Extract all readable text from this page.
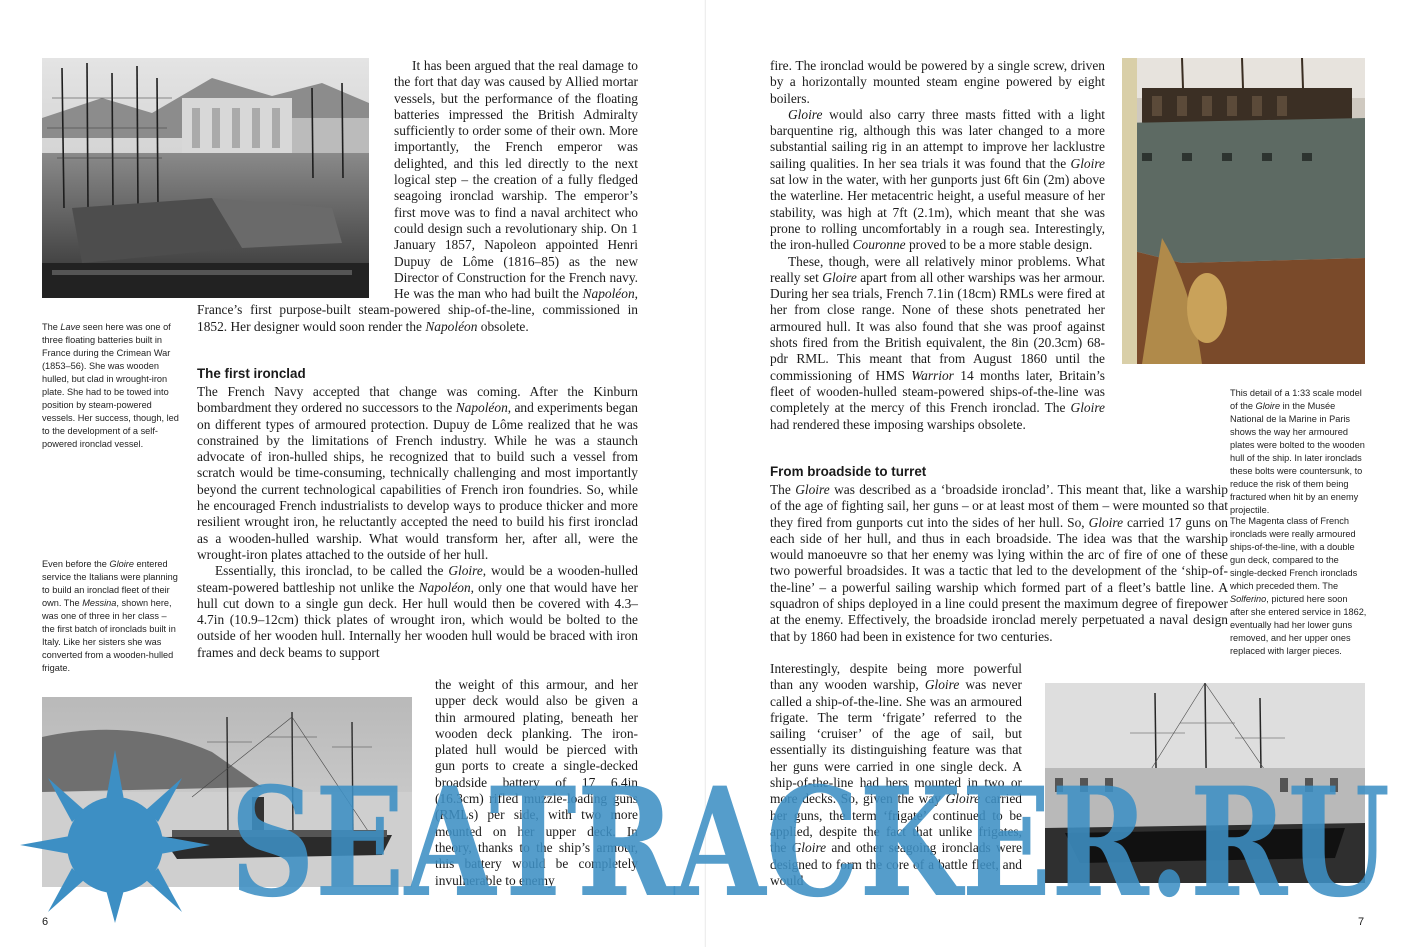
It has been argued that the real damage to the fort that day was caused by Allied mortar vessels, but the performance of the floating batteries impressed the British Admiralty sufficiently to order some of their own. More importantly, the French emperor was delighted, and this led directly to the next logical step – the creation of a fully fledged seagoing ironclad warship. The emperor’s first move was to find a naval architect who could design such a revolutionary ship. On 1 January 1857, Napoleon appointed Henri Dupuy de Lôme (1816–85) as the new Director of Construction for the French navy. He was the man who had built the Napoléon, France’s first purpose-built steam-powered ship-of-the-line, commissioned in 1852. Her designer would soon render the Napoléon obsolete.

The first ironclad

The French Navy accepted that change was coming. After the Kinburn bombardment they ordered no successors to the Napoléon, and experiments began on different types of armoured protection. Dupuy de Lôme realized that he was constrained by the limitations of French industry. While he was a staunch advocate of iron-hulled ships, he recognized that to build such a vessel from scratch would be time-consuming, technically challenging and most importantly beyond the current technological capabilities of French iron foundries. So, while he encouraged French industrialists to develop ways to produce thicker and more resilient wrought iron, he reluctantly accepted the need to build his first ironclad as a wooden-hulled warship. What would transform her, after all, were the wrought-iron plates attached to the outside of her hull.

Essentially, this ironclad, to be called the Gloire, would be a wooden-hulled steam-powered battleship not unlike the Napoléon, only one that would have her hull cut down to a single gun deck. Her hull would then be covered with 4.3–4.7in (10.9–12cm) thick plates of wrought iron, which would be bolted to the outside of her wooden hull. Internally her wooden hull would be braced with iron frames and deck beams to support

the weight of this armour, and her upper deck would also be given a thin armoured plating, beneath her wooden deck planking. The iron-plated hull would be pierced with gun ports to create a single-decked broadside battery of 17 6.4in (16.3cm) rifled muzzle-loading guns (RMLs) per side, with two more mounted on her upper deck. In theory, thanks to the ship’s armour, this battery would be completely invulnerable to enemy

The Lave seen here was one of three floating batteries built in France during the Crimean War (1853–56). She was wooden hulled, but clad in wrought-iron plate. She had to be towed into position by steam-powered vessels. Her success, though, led to the development of a self-powered ironclad vessel.

Even before the Gloire entered service the Italians were planning to build an ironclad fleet of their own. The Messina, shown here, was one of three in her class – the first batch of ironclads built in Italy. Like her sisters she was converted from a wooden-hulled frigate.

6

fire. The ironclad would be powered by a single screw, driven by a horizontally mounted steam engine powered by eight boilers.

Gloire would also carry three masts fitted with a light barquentine rig, although this was later changed to a more substantial sailing rig in an attempt to improve her lacklustre sailing qualities. In her sea trials it was found that the Gloire sat low in the water, with her gunports just 6ft 6in (2m) above the waterline. Her metacentric height, a useful measure of her stability, was high at 7ft (2.1m), which meant that she was prone to rolling uncomfortably in a rough sea. Interestingly, the iron-hulled Couronne proved to be a more stable design.

These, though, were all relatively minor problems. What really set Gloire apart from all other warships was her armour. During her sea trials, French 7.1in (18cm) RMLs were fired at her from close range. None of these shots penetrated her armoured hull. It was also found that she was proof against shots fired from the British equivalent, the 8in (20.3cm) 68-pdr RML. This meant that from August 1860 until the commissioning of HMS Warrior 14 months later, Britain’s fleet of wooden-hulled steam-powered ships-of-the-line was completely at the mercy of this French ironclad. The Gloire had rendered these imposing warships obsolete.

This detail of a 1:33 scale model of the Gloire in the Musée National de la Marine in Paris shows the way her armoured plates were bolted to the wooden hull of the ship. In later ironclads these bolts were countersunk, to reduce the risk of them being fractured when hit by an enemy projectile.

The Magenta class of French ironclads were really armoured ships-of-the-line, with a double gun deck, compared to the single-decked French ironclads which preceded them. The Solferino, pictured here soon after she entered service in 1862, eventually had her lower guns removed, and her upper ones replaced with larger pieces.

From broadside to turret

The Gloire was described as a ‘broadside ironclad’. This meant that, like a warship of the age of fighting sail, her guns – or at least most of them – were mounted so that they fired from gunports cut into the sides of her hull. So, Gloire carried 17 guns on each side of her hull, and thus in each broadside. The idea was that the warship would manoeuvre so that her enemy was lying within the arc of fire of one of these two powerful broadsides. It was a tactic that led to the development of the ‘ship-of-the-line’ – a powerful sailing warship which formed part of a fleet’s battle line. A squadron of ships deployed in a line could present the maximum degree of firepower at the enemy. Effectively, the broadside ironclad merely perpetuated a naval design that by 1860 had been in existence for two centuries.

Interestingly, despite being more powerful than any wooden warship, Gloire was never called a ship-of-the-line. She was an armoured frigate. The term ‘frigate’ referred to the sailing ‘cruiser’ of the age of sail, but essentially its distinguishing feature was that her guns were carried in one single deck. A ship-of-the-line had hers mounted in two or more decks. So, given the way Gloire carried her guns, the term ‘frigate’ continued to be applied, despite the fact that unlike frigates, the Gloire and other seagoing ironclads were designed to form the core of a battle fleet, and would

7
SEATRACKER.RU
